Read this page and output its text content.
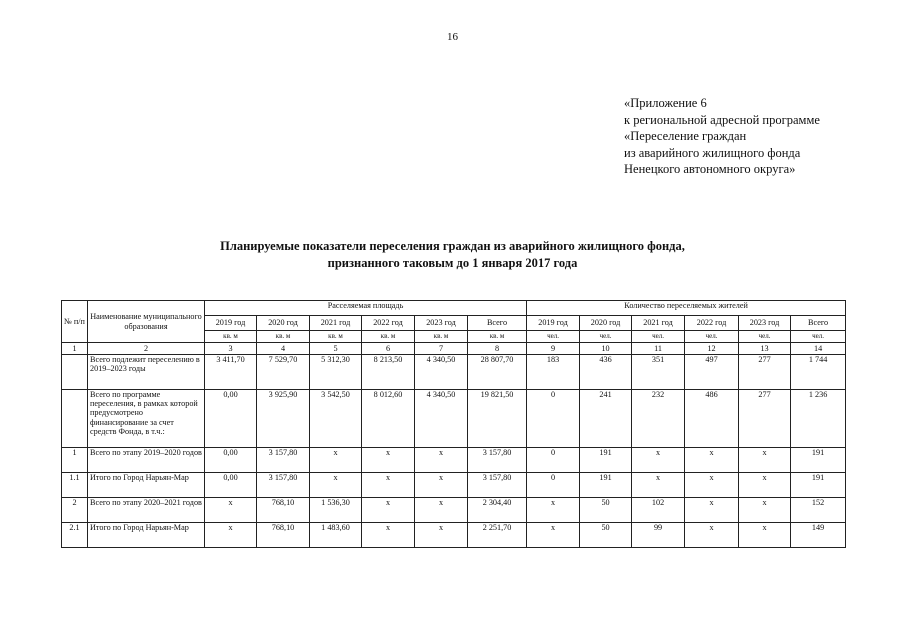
16
«Приложение 6
к региональной адресной программе
«Переселение граждан
из аварийного жилищного фонда
Ненецкого автономного округа»
Планируемые показатели переселения граждан из аварийного жилищного фонда,
признанного таковым до 1 января 2017 года
№ п/п	Наименование муниципального образования	Расселяемая площадь						Количество переселяемых жителей					
		2019 год	2020 год	2021 год	2022 год	2023 год	Всего	2019 год	2020 год	2021 год	2022 год	2023 год	Всего
		кв. м	кв. м	кв. м	кв. м	кв. м	кв. м	чел.	чел.	чел.	чел.	чел.	чел.
1	2	3	4	5	6	7	8	9	10	11	12	13	14
	Всего подлежит переселению в 2019–2023 годы	3 411,70	7 529,70	5 312,30	8 213,50	4 340,50	28 807,70	183	436	351	497	277	1 744
	Всего по программе переселения, в рамках которой предусмотрено финансирование за счет средств Фонда, в т.ч.:	0,00	3 925,90	3 542,50	8 012,60	4 340,50	19 821,50	0	241	232	486	277	1 236
1	Всего по этапу 2019–2020 годов	0,00	3 157,80	х	х	х	3 157,80	0	191	х	х	х	191
1.1	Итого по Город Нарьян-Мар	0,00	3 157,80	х	х	х	3 157,80	0	191	х	х	х	191
2	Всего по этапу 2020–2021 годов	х	768,10	1 536,30	х	х	2 304,40	х	50	102	х	х	152
2.1	Итого по Город Нарьян-Мар	х	768,10	1 483,60	х	х	2 251,70	х	50	99	х	х	149
